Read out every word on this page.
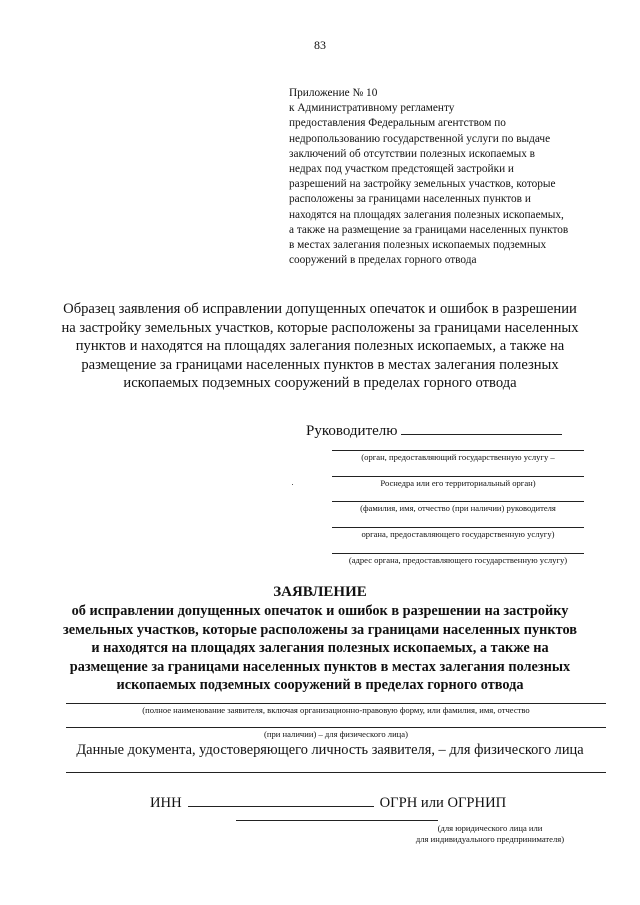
83
Приложение № 10
к Административному регламенту
предоставления Федеральным агентством по
недропользованию государственной услуги по выдаче
заключений об отсутствии полезных ископаемых в
недрах под участком предстоящей застройки и
разрешений на застройку земельных участков, которые
расположены за границами населенных пунктов и
находятся на площадях залегания полезных ископаемых,
а также на размещение за границами населенных пунктов
в местах залегания полезных ископаемых подземных
сооружений в пределах горного отвода
Образец заявления об исправлении допущенных опечаток и ошибок в разрешении
на застройку земельных участков, которые расположены за границами населенных
пунктов и находятся на площадях залегания полезных ископаемых, а также на
размещение за границами населенных пунктов в местах залегания полезных
ископаемых подземных сооружений в пределах горного отвода
Руководителю
(орган, предоставляющий государственную услугу –
Роснедра или его территориальный орган)
(фамилия, имя, отчество (при наличии) руководителя
органа, предоставляющего государственную услугу)
(адрес органа, предоставляющего государственную услугу)
ЗАЯВЛЕНИЕ
об исправлении допущенных опечаток и ошибок в разрешении на застройку
земельных участков, которые расположены за границами населенных пунктов
и находятся на площадях залегания полезных ископаемых, а также на
размещение за границами населенных пунктов в местах залегания полезных
ископаемых подземных сооружений в пределах горного отвода
(полное наименование заявителя, включая организационно-правовую форму, или фамилия, имя, отчество
(при наличии) – для физического лица)
Данные документа, удостоверяющего личность заявителя, – для физического лица
ИНН	ОГРН или ОГРНИП
(для юридического лица или
для индивидуального предпринимателя)
